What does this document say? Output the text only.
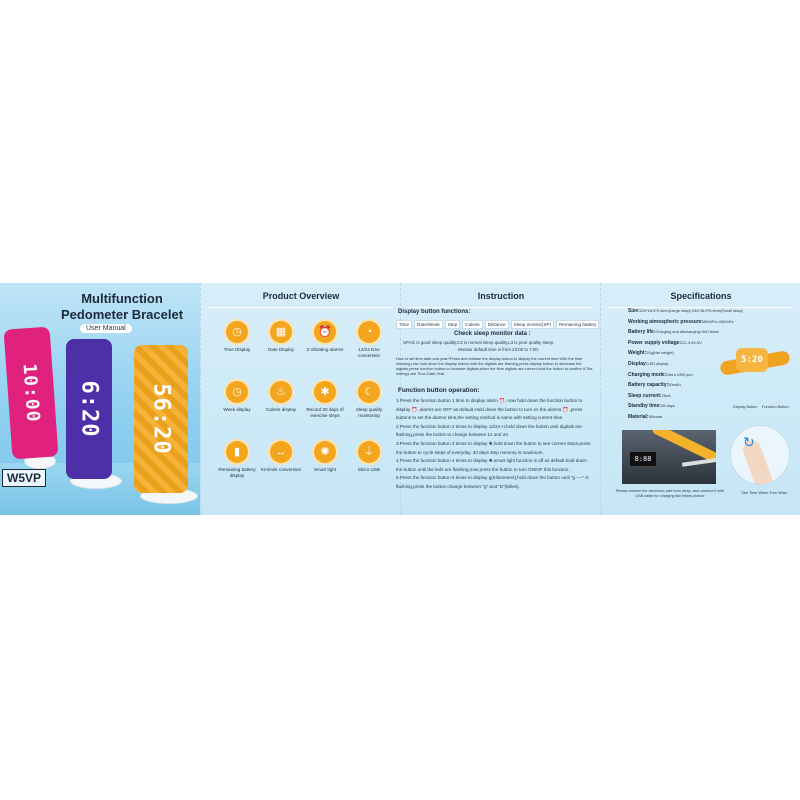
Multifunction
Pedometer Bracelet
User Manual
10:00 6:20 56:20
W5VP
Product Overview
◷
Time Display
▦
Date Display
⏰
3 Vibrating alarms
◔
12/24 time conversion
◷
Week display
♨
Calorie display
✱
Record 30 days of exercise steps
☾
Sleep quality monitoring
▮
Remaining battery display
↔
Km/mile conversion
✺
Smart light
⏚
Micro USB
Instruction	Specifications
Display button functions:
Time	Date/Week	Step	Calorie	Distance	Sleep monitor(SP)	Remaining battery
Check sleep monitor data :
SP.H1 is good sleep quality,C2 is normal sleep quality,L3 is poor quality sleep.
Monitor default time is from 23:00 to 7:00.
How to set time,date and year?Press and release the display button to display the current time.With the time showing,now hold down the display button until the digitals are flashing,press display button to decrease the digitals,press function button to increase digitals,when the time digitals are correct,hold the button to confirm it.The settings are Time-Date-Year.
Function button operation:

1.Press the function button 1 time to display alarm ⏰, now hold down the function button to display ⏰ ,alarms are OFF as default.Hold down the button to turn on the alarms ⏰ ,press buttons to set the alarms time,the setting method is same with setting current time.

2.Press the function button 2 times to display 12/24 H,hold down the button until digitals are flashing,press the button to change between 12 and 24.

3.Press the function button 3 times to display ✱,hold down the button to see current steps,press the button to cycle steps of everyday, 30 days step memory is maximum.

4.Press the function button 4 times to display ✺,smart light function is off as default,hold down the button until the leds are flashing,now press the button to turn ON/OF this function.

5.Press the function button 5 times to display g(Kilometers),hold down the button until "g ----" is flashing,press the button change between "g" and "E"(Miles).

Size:224*16.5*9.4mm(Large strap) 244*16.5*9.4mm(Small strap)
Working atmospheric pressure:860hPa-1060hPa
Battery life:Charging and discharging>300 times
Power supply voltage:DC-4.5V-5V
Weight:20g(Net weight)
Display:LED display
Charging mode:Micro USB port
Battery capacity:50mAh
Sleep current:25uA
Standby time:45 days
Material:Silicone
5:20
Display Button Function Button
8:88
↻
Please remove the electronic part from strap, and connect it with USB cable for charging like below picture
See Time When Turn Wrist
